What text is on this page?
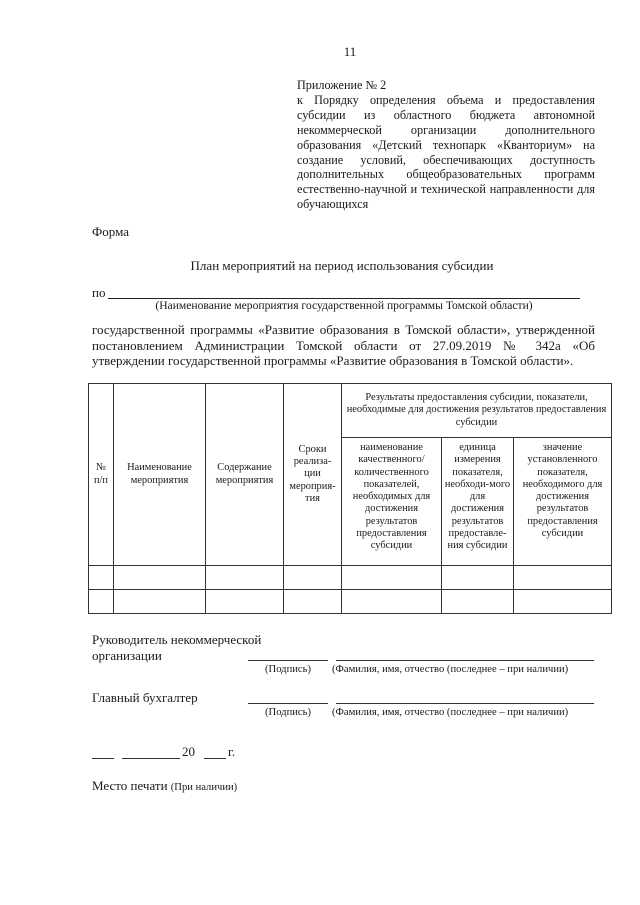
11
Приложение № 2
к Порядку определения объема и предоставления субсидии из областного бюджета автономной некоммерческой организации дополнительного образования «Детский технопарк «Кванториум» на создание условий, обеспечивающих доступность дополнительных общеобразовательных программ естественно-научной и технической направленности для обучающихся
Форма
План мероприятий на период использования субсидии
по
(Наименование мероприятия государственной программы Томской области)
государственной программы «Развитие образования в Томской области», утвержденной постановлением Администрации Томской области от 27.09.2019 № 342а «Об утверждении государственной программы «Развитие образования в Томской области».
№ п/п	Наименование мероприятия	Содержание мероприятия	Сроки реализа-ции мероприя-тия	Результаты предоставления субсидии, показатели, необходимые для достижения результатов предоставления субсидии		
				наименование качественного/ количественного показателей, необходимых для достижения результатов предоставления субсидии	единица измерения показателя, необходи-мого для достижения результатов предоставле-ния субсидии	значение установленного показателя, необходимого для достижения результатов предоставления субсидии

Руководитель некоммерческой организации
(Подпись)	(Фамилия, имя, отчество (последнее – при наличии)
Главный бухгалтер
(Подпись)	(Фамилия, имя, отчество (последнее – при наличии)
20	г.
Место печати (При наличии)
